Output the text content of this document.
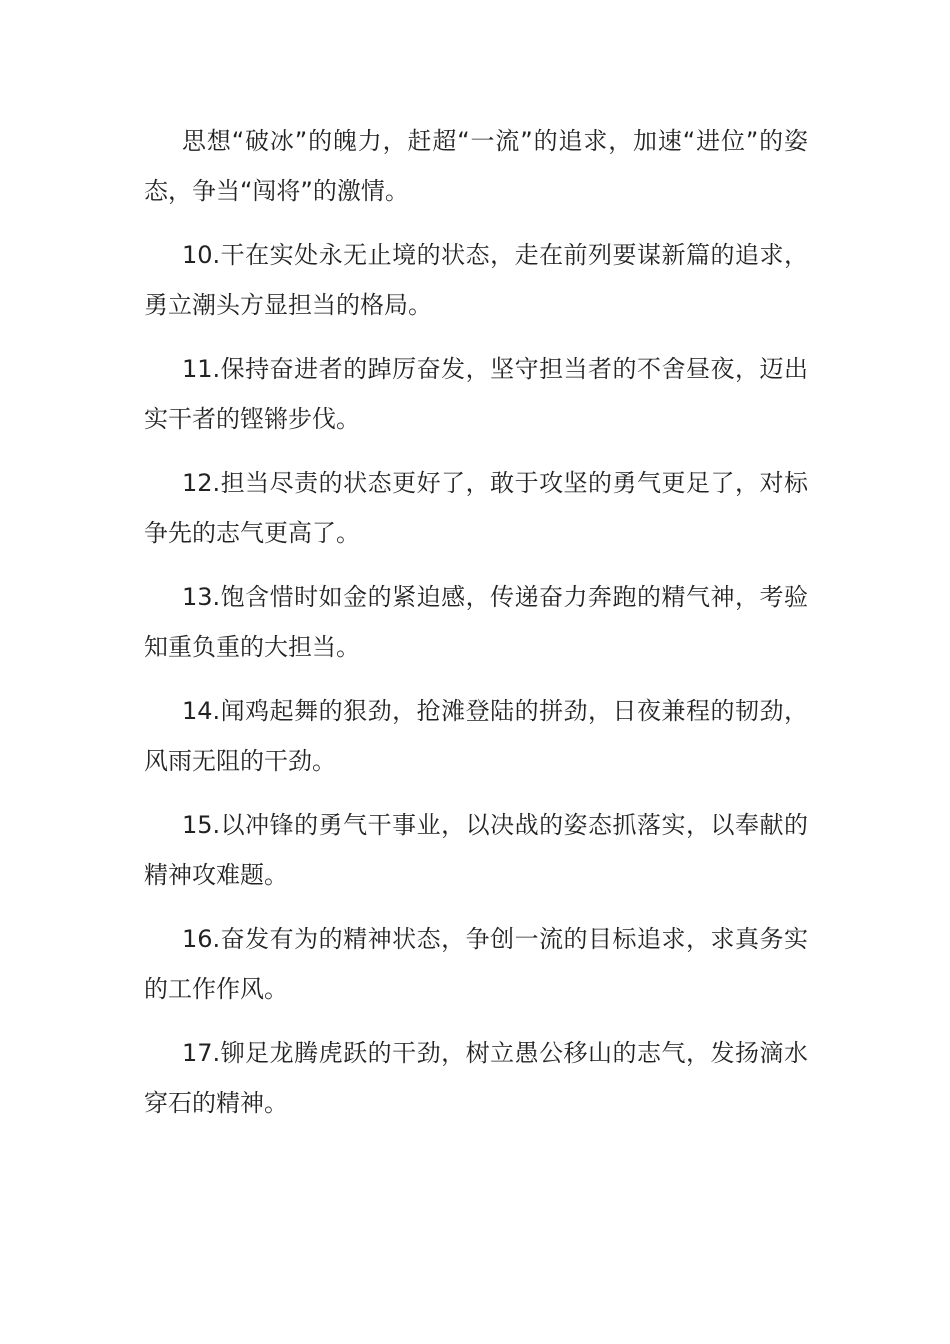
思想“破冰”的魄力，赶超“一流”的追求，加速“进位”的姿态，争当“闯将”的激情。

10.干在实处永无止境的状态，走在前列要谋新篇的追求，勇立潮头方显担当的格局。

11.保持奋进者的踔厉奋发，坚守担当者的不舍昼夜，迈出实干者的铿锵步伐。

12.担当尽责的状态更好了，敢于攻坚的勇气更足了，对标争先的志气更高了。

13.饱含惜时如金的紧迫感，传递奋力奔跑的精气神，考验知重负重的大担当。

14.闻鸡起舞的狠劲，抢滩登陆的拼劲，日夜兼程的韧劲，风雨无阻的干劲。

15.以冲锋的勇气干事业，以决战的姿态抓落实，以奉献的精神攻难题。

16.奋发有为的精神状态，争创一流的目标追求，求真务实的工作作风。

17.铆足龙腾虎跃的干劲，树立愚公移山的志气，发扬滴水穿石的精神。
